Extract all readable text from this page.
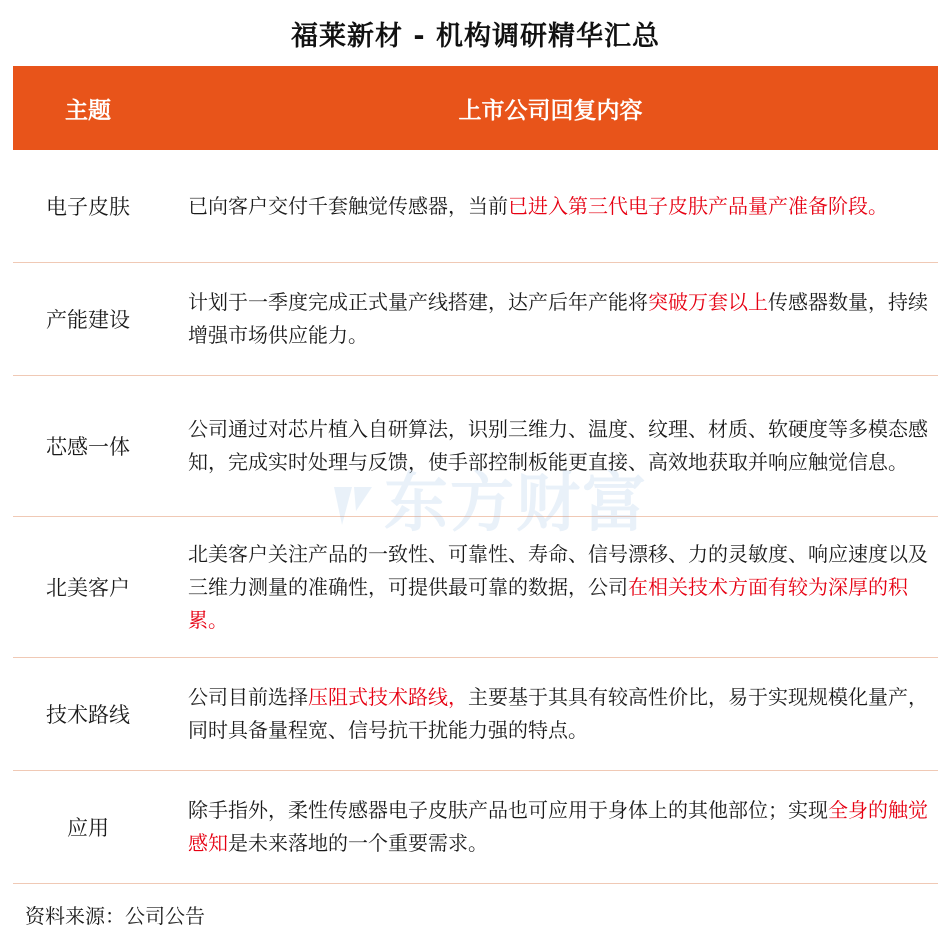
福莱新材 - 机构调研精华汇总
主题	上市公司回复内容
电子皮肤	已向客户交付千套触觉传感器，当前已进入第三代电子皮肤产品量产准备阶段。
产能建设
计划于一季度完成正式量产线搭建，达产后年产能将突破万套以上传感器数量，持续增强市场供应能力。
芯感一体
公司通过对芯片植入自研算法，识别三维力、温度、纹理、材质、软硬度等多模态感知，完成实时处理与反馈，使手部控制板能更直接、高效地获取并响应触觉信息。
北美客户
北美客户关注产品的一致性、可靠性、寿命、信号漂移、力的灵敏度、响应速度以及三维力测量的准确性，可提供最可靠的数据，公司在相关技术方面有较为深厚的积累。
技术路线
公司目前选择压阻式技术路线，主要基于其具有较高性价比，易于实现规模化量产，同时具备量程宽、信号抗干扰能力强的特点。
应用
除手指外，柔性传感器电子皮肤产品也可应用于身体上的其他部位；实现全身的触觉感知是未来落地的一个重要需求。
东方财富
资料来源：公司公告
